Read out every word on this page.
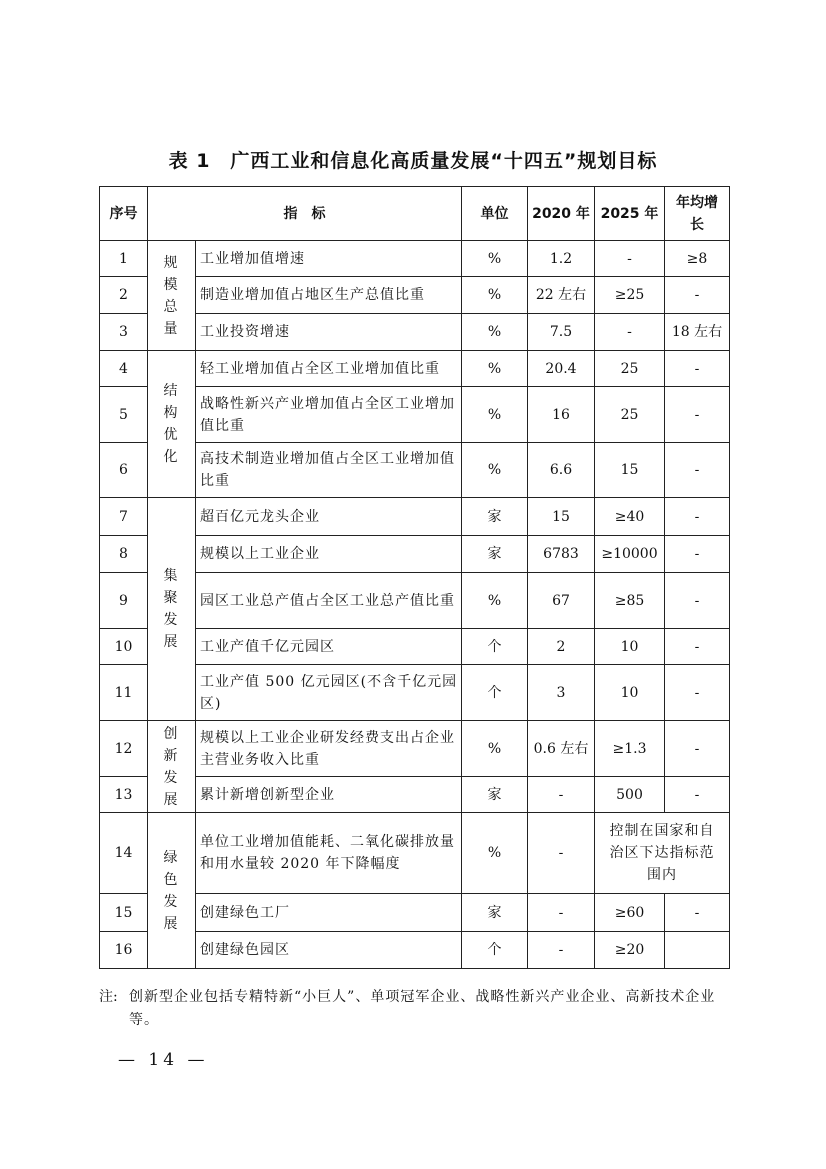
表 1　广西工业和信息化高质量发展“十四五”规划目标
序号	指　标		单位	2020 年	2025 年	年均增长
1	规模总量	工业增加值增速	%	1.2	-	≥8
2		制造业增加值占地区生产总值比重	%	22 左右	≥25	-
3		工业投资增速	%	7.5	-	18 左右
4	结构优化	轻工业增加值占全区工业增加值比重	%	20.4	25	-
5		战略性新兴产业增加值占全区工业增加值比重	%	16	25	-
6		高技术制造业增加值占全区工业增加值比重	%	6.6	15	-
7	集聚发展	超百亿元龙头企业	家	15	≥40	-
8		规模以上工业企业	家	6783	≥10000	-
9		园区工业总产值占全区工业总产值比重	%	67	≥85	-
10		工业产值千亿元园区	个	2	10	-
11		工业产值 500 亿元园区(不含千亿元园区)	个	3	10	-
12	创新发展	规模以上工业企业研发经费支出占企业主营业务收入比重	%	0.6 左右	≥1.3	-
13		累计新增创新型企业	家	-	500	-
14	绿色发展	单位工业增加值能耗、二氧化碳排放量和用水量较 2020 年下降幅度	%	-	控制在国家和自治区下达指标范围内	
15		创建绿色工厂	家	-	≥60	-
16		创建绿色园区	个	-	≥20	
注: 创新型企业包括专精特新“小巨人”、单项冠军企业、战略性新兴产业企业、高新技术企业等。
— 14 —
